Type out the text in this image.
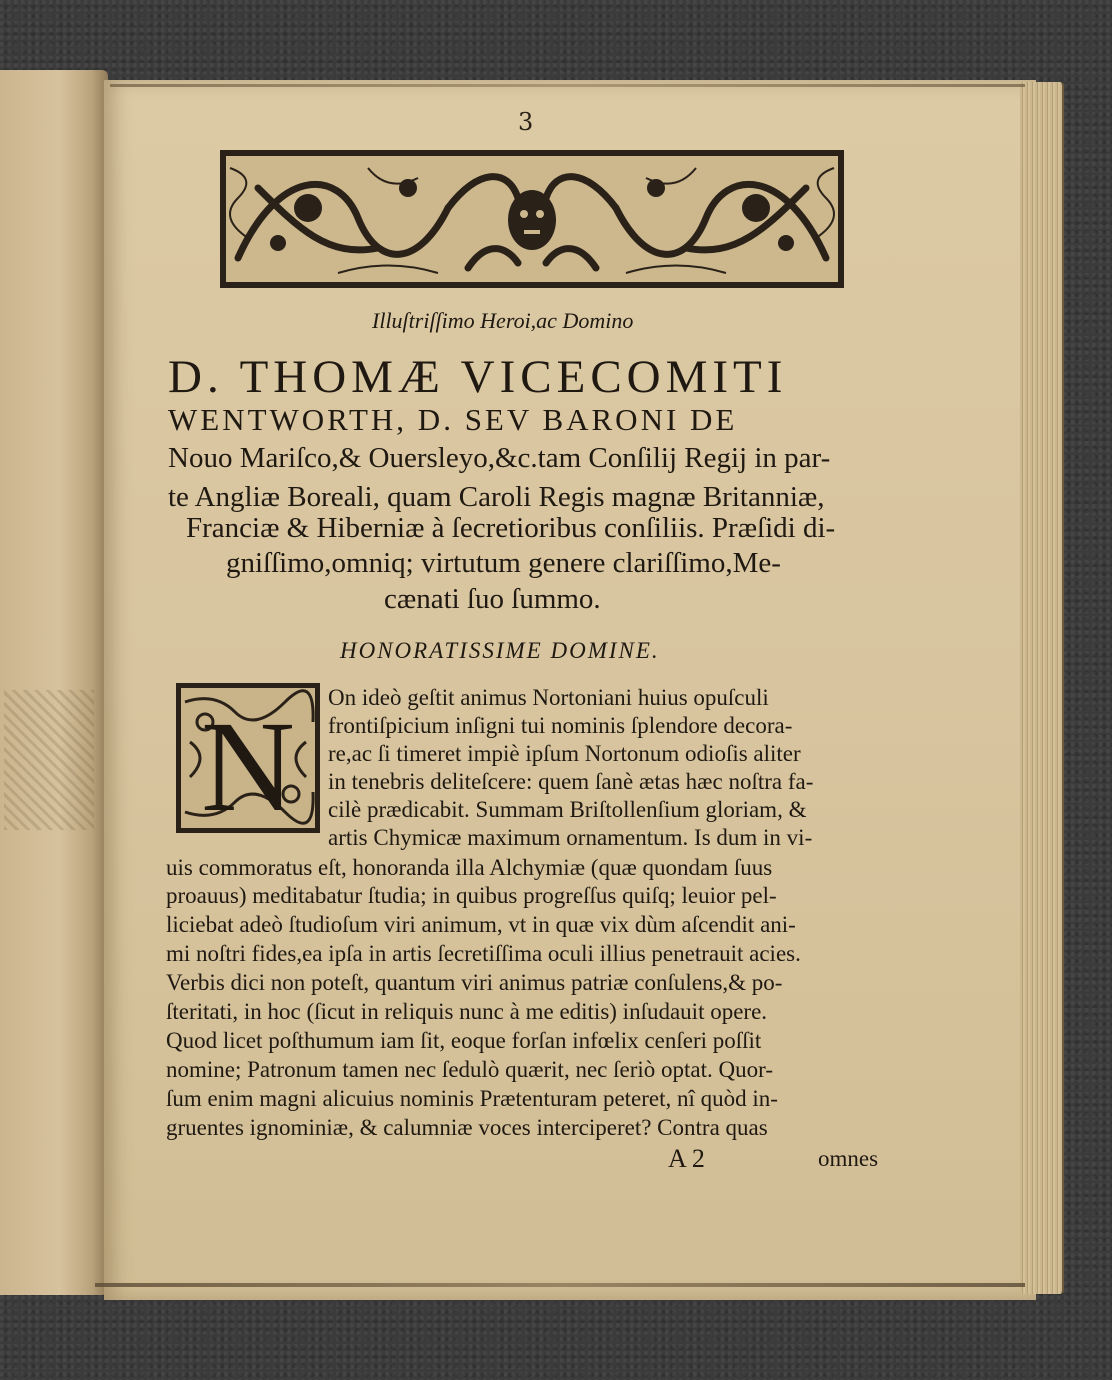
3
Illuſtriſſimo Heroi,ac Domino
D. THOMÆ VICECOMITI
WENTWORTH, D. SEV BARONI DE
Nouo Mariſco,& Ouersleyo,&c.tam Conſilij Regij in par-
te Angliæ Boreali, quam Caroli Regis magnæ Britanniæ,
Franciæ & Hiberniæ à ſecretioribus conſiliis. Præſidi di-
gniſſimo,omniq; virtutum genere clariſſimo,Me-
cænati ſuo ſummo.
HONORATISSIME DOMINE.
N On ideò geſtit animus Nortoniani huius opuſculi
frontiſpicium inſigni tui nominis ſplendore decora-
re,ac ſi timeret impiè ipſum Nortonum odioſis aliter
in tenebris deliteſcere: quem ſanè ætas hæc noſtra fa-
cilè prædicabit. Summam Briſtollenſium gloriam, &
artis Chymicæ maximum ornamentum. Is dum in vi-
uis commoratus eſt, honoranda illa Alchymiæ (quæ quondam ſuus
proauus) meditabatur ſtudia; in quibus progreſſus quiſq; leuior pel-
liciebat adeò ſtudioſum viri animum, vt in quæ vix dùm aſcendit ani-
mi noſtri fides,ea ipſa in artis ſecretiſſima oculi illius penetrauit acies.
Verbis dici non poteſt, quantum viri animus patriæ conſulens,& po-
ſteritati, in hoc (ſicut in reliquis nunc à me editis) inſudauit opere.
Quod licet poſthumum iam ſit, eoque forſan infœlix cenſeri poſſit
nomine; Patronum tamen nec ſedulò quærit, nec ſeriò optat. Quor-
ſum enim magni alicuius nominis Prætenturam peteret, nî quòd in-
gruentes ignominiæ, & calumniæ voces interciperet? Contra quas
A 2	omnes
